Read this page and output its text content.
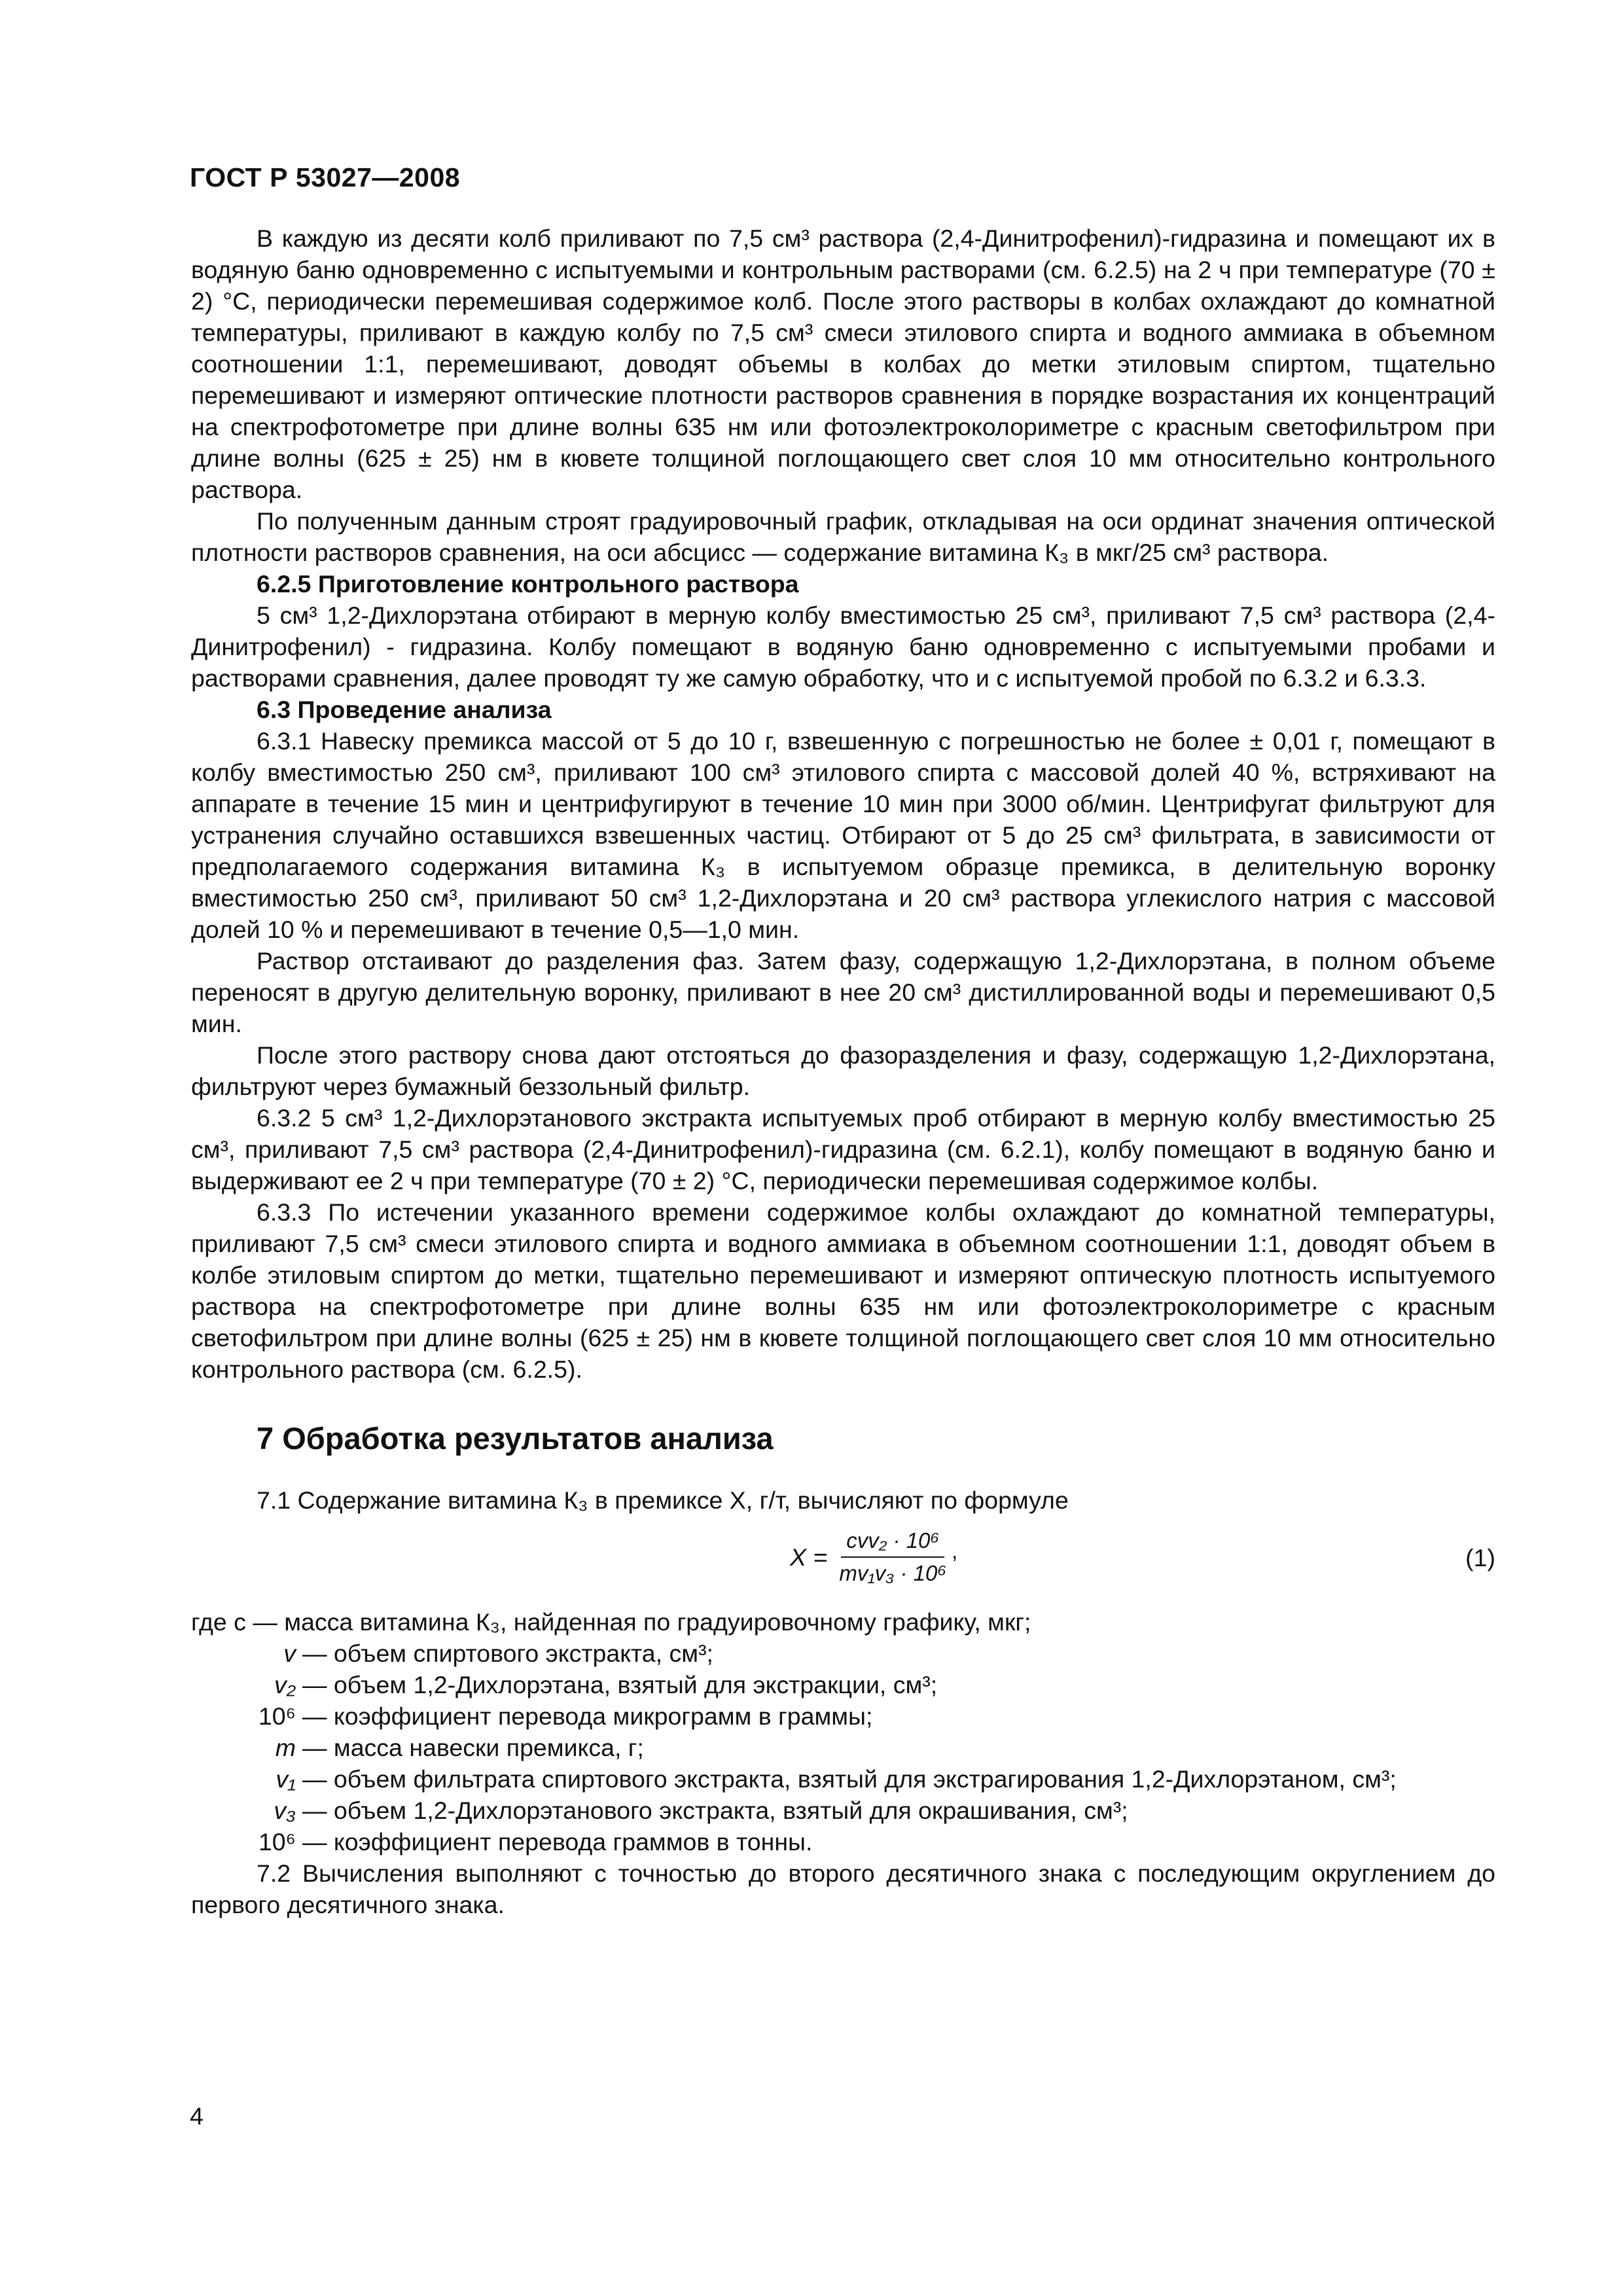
ГОСТ Р 53027—2008

В каждую из десяти колб приливают по 7,5 см³ раствора (2,4-Динитрофенил)-гидразина и помещают их в водяную баню одновременно с испытуемыми и контрольным растворами (см. 6.2.5) на 2 ч при температуре (70 ± 2) °С, периодически перемешивая содержимое колб. После этого растворы в колбах охлаждают до комнатной температуры, приливают в каждую колбу по 7,5 см³ смеси этилового спирта и водного аммиака в объемном соотношении 1:1, перемешивают, доводят объемы в колбах до метки этиловым спиртом, тщательно перемешивают и измеряют оптические плотности растворов сравнения в порядке возрастания их концентраций на спектрофотометре при длине волны 635 нм или фотоэлектроколориметре с красным светофильтром при длине волны (625 ± 25) нм в кювете толщиной поглощающего свет слоя 10 мм относительно контрольного раствора.

По полученным данным строят градуировочный график, откладывая на оси ординат значения оптической плотности растворов сравнения, на оси абсцисс — содержание витамина К₃ в мкг/25 см³ раствора.

6.2.5 Приготовление контрольного раствора

5 см³ 1,2-Дихлорэтана отбирают в мерную колбу вместимостью 25 см³, приливают 7,5 см³ раствора (2,4-Динитрофенил) - гидразина. Колбу помещают в водяную баню одновременно с испытуемыми пробами и растворами сравнения, далее проводят ту же самую обработку, что и с испытуемой пробой по 6.3.2 и 6.3.3.

6.3 Проведение анализа

6.3.1 Навеску премикса массой от 5 до 10 г, взвешенную с погрешностью не более ± 0,01 г, помещают в колбу вместимостью 250 см³, приливают 100 см³ этилового спирта с массовой долей 40 %, встряхивают на аппарате в течение 15 мин и центрифугируют в течение 10 мин при 3000 об/мин. Центрифугат фильтруют для устранения случайно оставшихся взвешенных частиц. Отбирают от 5 до 25 см³ фильтрата, в зависимости от предполагаемого содержания витамина К₃ в испытуемом образце премикса, в делительную воронку вместимостью 250 см³, приливают 50 см³ 1,2-Дихлорэтана и 20 см³ раствора углекислого натрия с массовой долей 10 % и перемешивают в течение 0,5—1,0 мин.

Раствор отстаивают до разделения фаз. Затем фазу, содержащую 1,2-Дихлорэтана, в полном объеме переносят в другую делительную воронку, приливают в нее 20 см³ дистиллированной воды и перемешивают 0,5 мин.

После этого раствору снова дают отстояться до фазоразделения и фазу, содержащую 1,2-Дихлорэтана, фильтруют через бумажный беззольный фильтр.

6.3.2 5 см³ 1,2-Дихлорэтанового экстракта испытуемых проб отбирают в мерную колбу вместимостью 25 см³, приливают 7,5 см³ раствора (2,4-Динитрофенил)-гидразина (см. 6.2.1), колбу помещают в водяную баню и выдерживают ее 2 ч при температуре (70 ± 2) °С, периодически перемешивая содержимое колбы.

6.3.3 По истечении указанного времени содержимое колбы охлаждают до комнатной температуры, приливают 7,5 см³ смеси этилового спирта и водного аммиака в объемном соотношении 1:1, доводят объем в колбе этиловым спиртом до метки, тщательно перемешивают и измеряют оптическую плотность испытуемого раствора на спектрофотометре при длине волны 635 нм или фотоэлектроколориметре с красным светофильтром при длине волны (625 ± 25) нм в кювете толщиной поглощающего свет слоя 10 мм относительно контрольного раствора (см. 6.2.5).

7 Обработка результатов анализа

7.1 Содержание витамина К₃ в премиксе X, г/т, вычисляют по формуле

$X = \frac{\text{cvv₂ · 10⁶}}{\text{mv₁v₃ · 10⁶}}$ ,	(1)

где с — масса витамина К₃, найденная по градуировочному графику, мкг;

v — объем спиртового экстракта, см³;
v₂ — объем 1,2-Дихлорэтана, взятый для экстракции, см³;
10⁶ — коэффициент перевода микрограмм в граммы;
m — масса навески премикса, г;
v₁ — объем фильтрата спиртового экстракта, взятый для экстрагирования 1,2-Дихлорэтаном, см³;
v₃ — объем 1,2-Дихлорэтанового экстракта, взятый для окрашивания, см³;
10⁶ — коэффициент перевода граммов в тонны.

7.2 Вычисления выполняют с точностью до второго десятичного знака с последующим округлением до первого десятичного знака.

4
